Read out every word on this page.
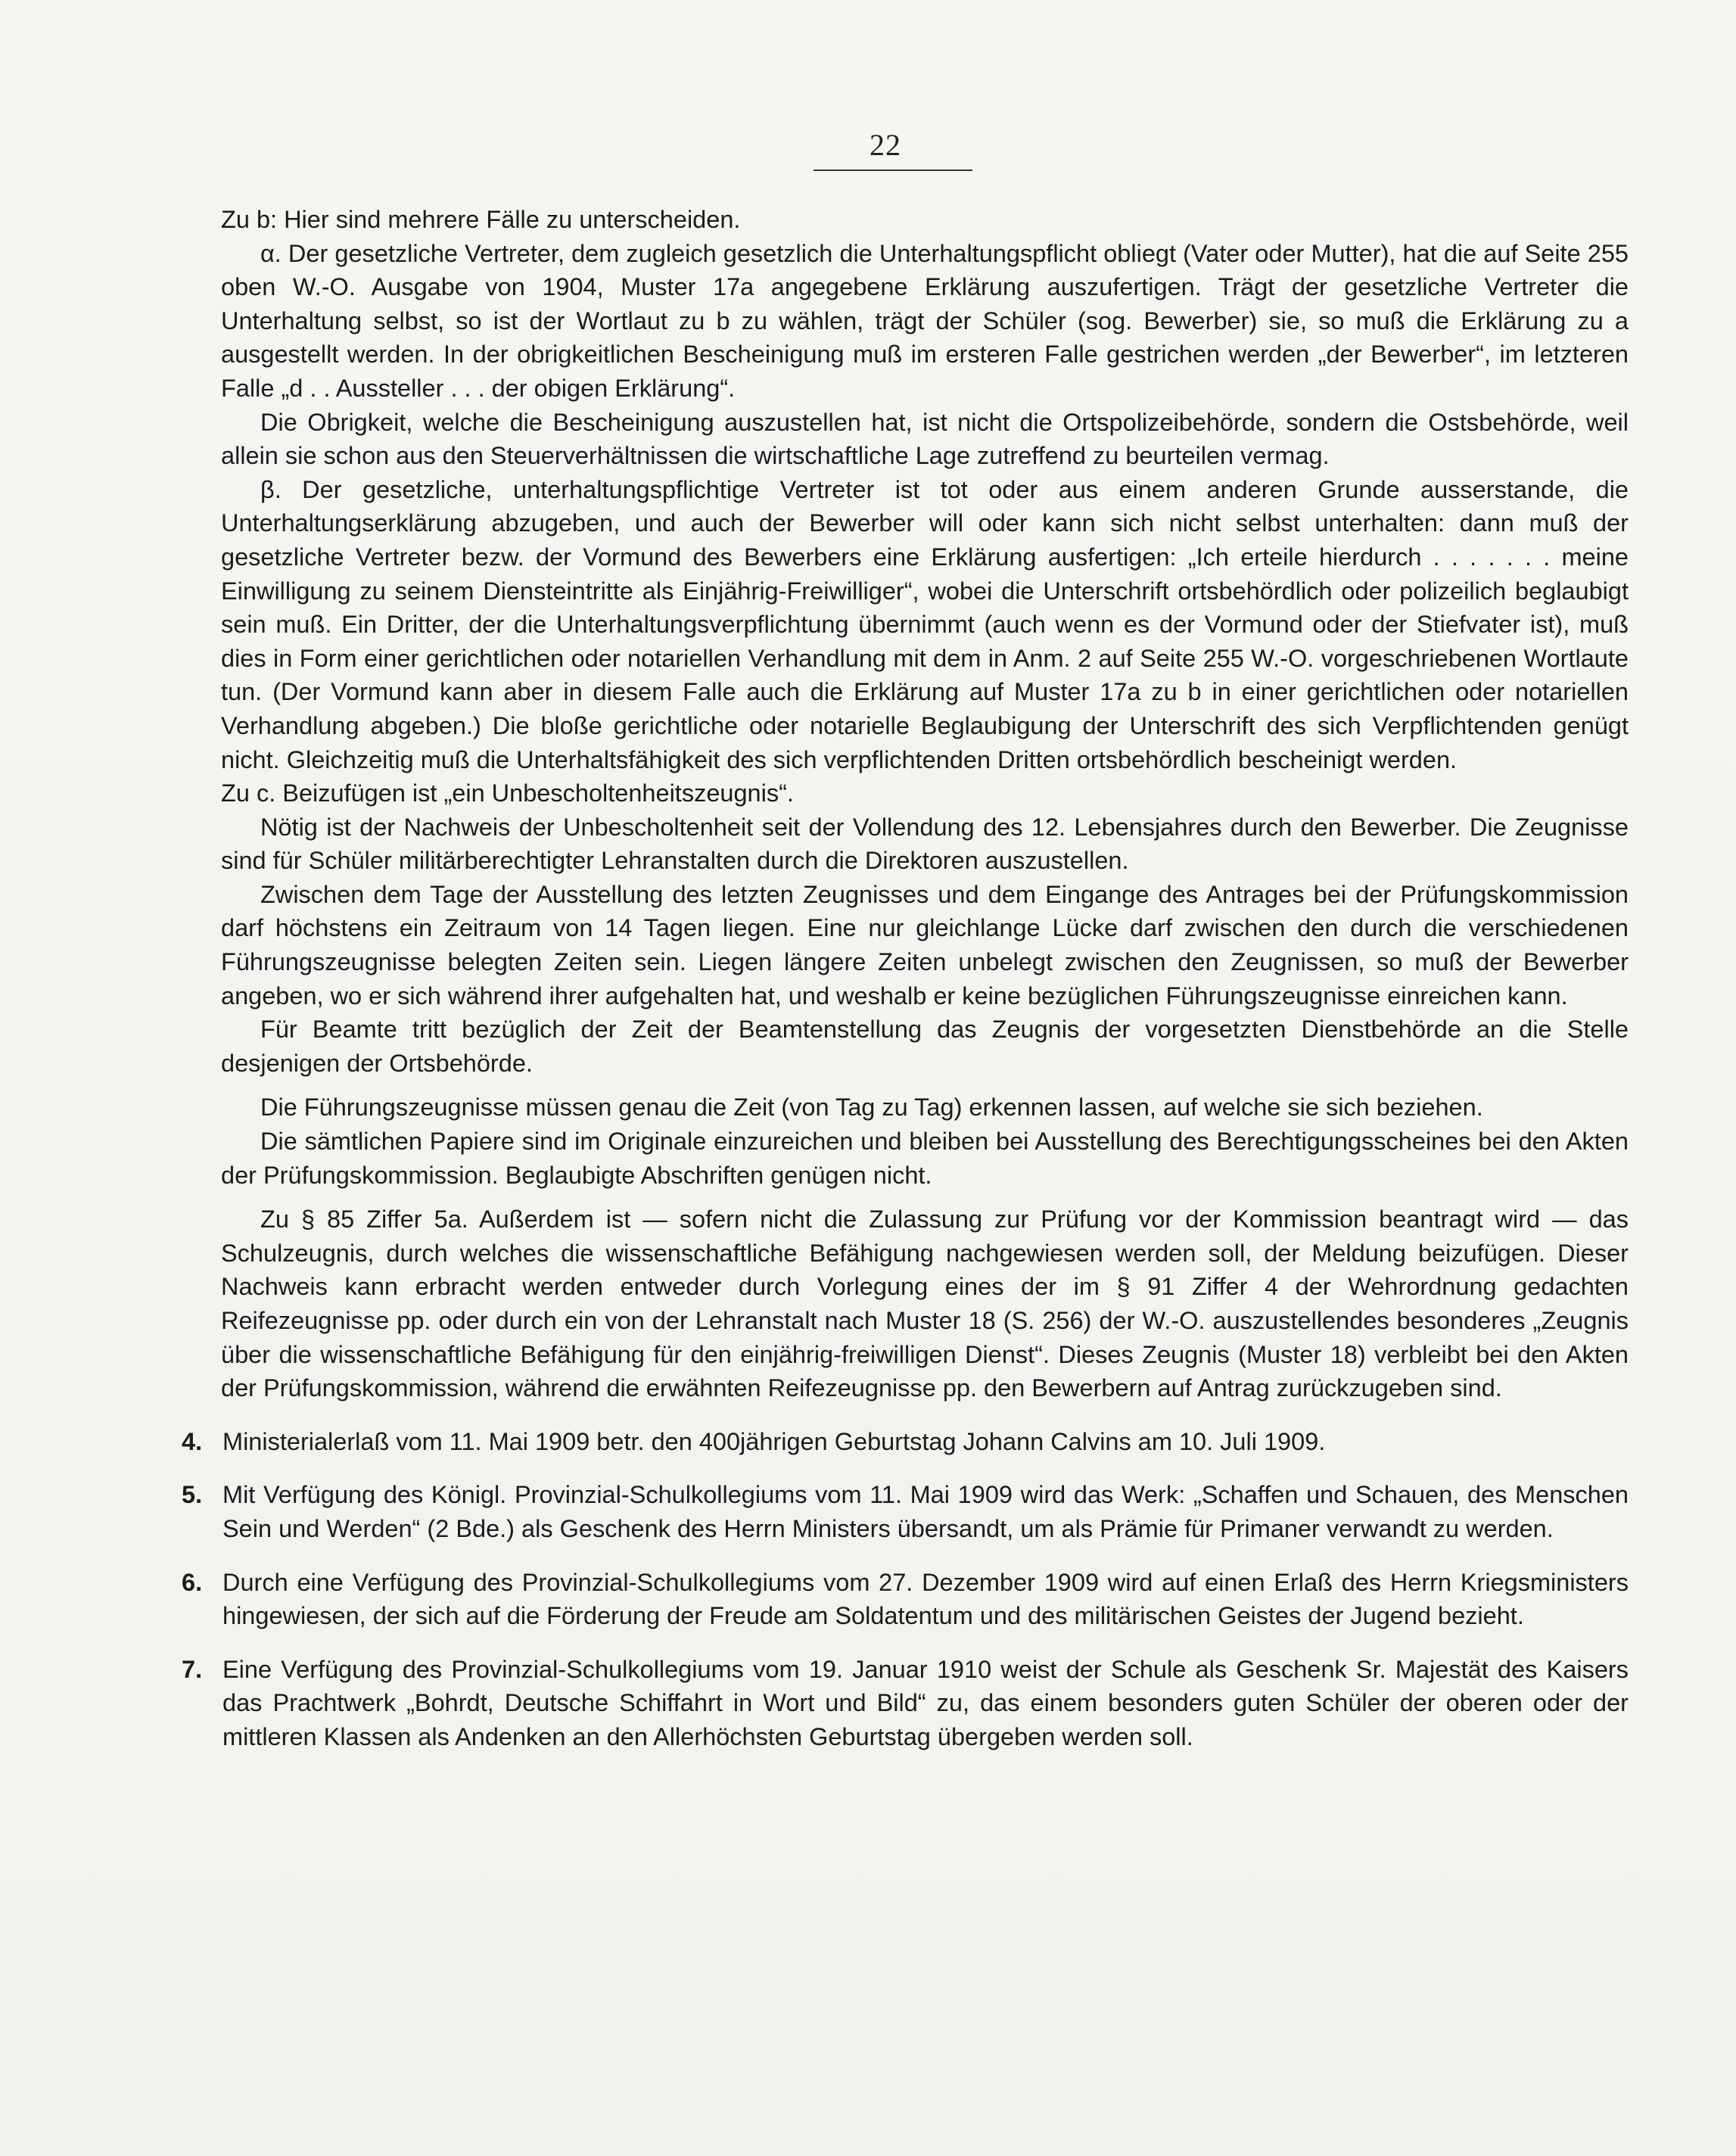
22

Zu b: Hier sind mehrere Fälle zu unterscheiden.

α. Der gesetzliche Vertreter, dem zugleich gesetzlich die Unterhaltungspflicht obliegt (Vater oder Mutter), hat die auf Seite 255 oben W.-O. Ausgabe von 1904, Muster 17a angegebene Erklärung auszufertigen. Trägt der gesetzliche Vertreter die Unterhaltung selbst, so ist der Wortlaut zu b zu wählen, trägt der Schüler (sog. Bewerber) sie, so muß die Erklärung zu a ausgestellt werden. In der obrigkeitlichen Bescheinigung muß im ersteren Falle gestrichen werden „der Bewerber“, im letzteren Falle „d . . Aussteller . . . der obigen Erklärung“.

Die Obrigkeit, welche die Bescheinigung auszustellen hat, ist nicht die Ortspolizeibehörde, sondern die Ostsbehörde, weil allein sie schon aus den Steuerverhältnissen die wirtschaftliche Lage zutreffend zu beurteilen vermag.

β. Der gesetzliche, unterhaltungspflichtige Vertreter ist tot oder aus einem anderen Grunde ausserstande, die Unterhaltungserklärung abzugeben, und auch der Bewerber will oder kann sich nicht selbst unterhalten: dann muß der gesetzliche Vertreter bezw. der Vormund des Bewerbers eine Erklärung ausfertigen: „Ich erteile hierdurch . . . . . . . meine Einwilligung zu seinem Diensteintritte als Einjährig-Freiwilliger“, wobei die Unterschrift ortsbehördlich oder polizeilich beglaubigt sein muß. Ein Dritter, der die Unterhaltungsverpflichtung übernimmt (auch wenn es der Vormund oder der Stiefvater ist), muß dies in Form einer gerichtlichen oder notariellen Verhandlung mit dem in Anm. 2 auf Seite 255 W.-O. vorgeschriebenen Wortlaute tun. (Der Vormund kann aber in diesem Falle auch die Erklärung auf Muster 17a zu b in einer gerichtlichen oder notariellen Verhandlung abgeben.) Die bloße gerichtliche oder notarielle Beglaubigung der Unterschrift des sich Verpflichtenden genügt nicht. Gleichzeitig muß die Unterhaltsfähigkeit des sich verpflichtenden Dritten ortsbehördlich bescheinigt werden.

Zu c. Beizufügen ist „ein Unbescholtenheitszeugnis“.

Nötig ist der Nachweis der Unbescholtenheit seit der Vollendung des 12. Lebensjahres durch den Bewerber. Die Zeugnisse sind für Schüler militärberechtigter Lehranstalten durch die Direktoren auszustellen.

Zwischen dem Tage der Ausstellung des letzten Zeugnisses und dem Eingange des Antrages bei der Prüfungskommission darf höchstens ein Zeitraum von 14 Tagen liegen. Eine nur gleichlange Lücke darf zwischen den durch die verschiedenen Führungszeugnisse belegten Zeiten sein. Liegen längere Zeiten unbelegt zwischen den Zeugnissen, so muß der Bewerber angeben, wo er sich während ihrer aufgehalten hat, und weshalb er keine bezüglichen Führungszeugnisse einreichen kann.

Für Beamte tritt bezüglich der Zeit der Beamtenstellung das Zeugnis der vorgesetzten Dienstbehörde an die Stelle desjenigen der Ortsbehörde.

Die Führungszeugnisse müssen genau die Zeit (von Tag zu Tag) erkennen lassen, auf welche sie sich beziehen.

Die sämtlichen Papiere sind im Originale einzureichen und bleiben bei Ausstellung des Berechtigungsscheines bei den Akten der Prüfungskommission. Beglaubigte Abschriften genügen nicht.

Zu § 85 Ziffer 5a. Außerdem ist — sofern nicht die Zulassung zur Prüfung vor der Kommission beantragt wird — das Schulzeugnis, durch welches die wissenschaftliche Befähigung nachgewiesen werden soll, der Meldung beizufügen. Dieser Nachweis kann erbracht werden entweder durch Vorlegung eines der im § 91 Ziffer 4 der Wehrordnung gedachten Reifezeugnisse pp. oder durch ein von der Lehranstalt nach Muster 18 (S. 256) der W.-O. auszustellendes besonderes „Zeugnis über die wissenschaftliche Befähigung für den einjährig-freiwilligen Dienst“. Dieses Zeugnis (Muster 18) verbleibt bei den Akten der Prüfungskommission, während die erwähnten Reifezeugnisse pp. den Bewerbern auf Antrag zurückzugeben sind.

4. Ministerialerlaß vom 11. Mai 1909 betr. den 400jährigen Geburtstag Johann Calvins am 10. Juli 1909.
5. Mit Verfügung des Königl. Provinzial-Schulkollegiums vom 11. Mai 1909 wird das Werk: „Schaffen und Schauen, des Menschen Sein und Werden“ (2 Bde.) als Geschenk des Herrn Ministers übersandt, um als Prämie für Primaner verwandt zu werden.
6. Durch eine Verfügung des Provinzial-Schulkollegiums vom 27. Dezember 1909 wird auf einen Erlaß des Herrn Kriegsministers hingewiesen, der sich auf die Förderung der Freude am Soldatentum und des militärischen Geistes der Jugend bezieht.
7. Eine Verfügung des Provinzial-Schulkollegiums vom 19. Januar 1910 weist der Schule als Geschenk Sr. Majestät des Kaisers das Prachtwerk „Bohrdt, Deutsche Schiffahrt in Wort und Bild“ zu, das einem besonders guten Schüler der oberen oder der mittleren Klassen als Andenken an den Allerhöchsten Geburtstag übergeben werden soll.
